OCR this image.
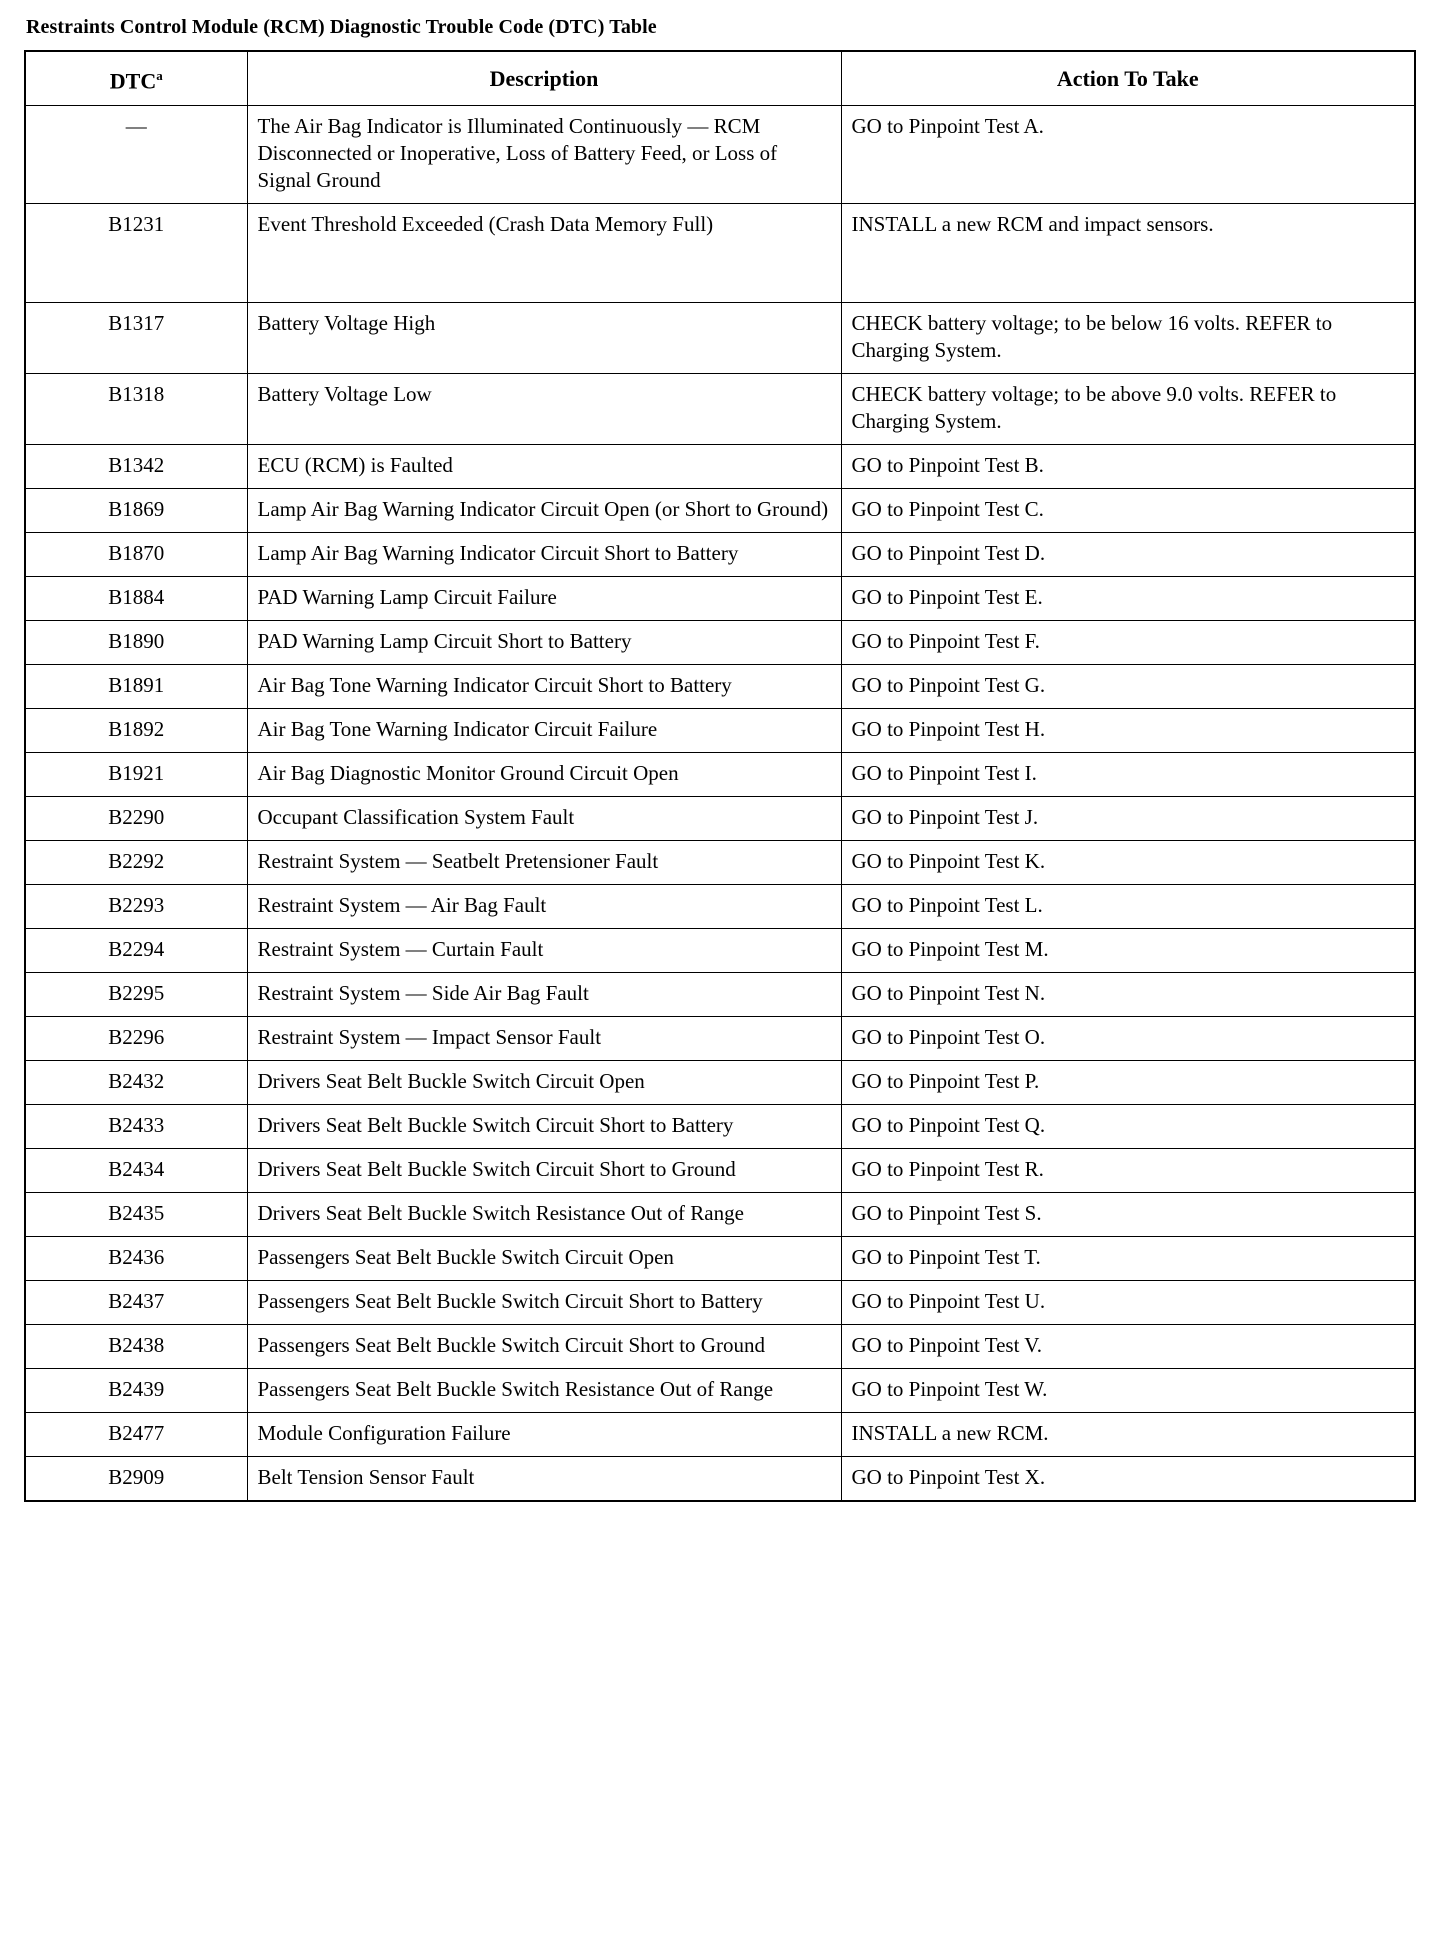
Restraints Control Module (RCM) Diagnostic Trouble Code (DTC) Table
DTC$^a$	Description	Action To Take
—	The Air Bag Indicator is Illuminated Continuously — RCM Disconnected or Inoperative, Loss of Battery Feed, or Loss of Signal Ground	GO to Pinpoint Test A.
B1231	Event Threshold Exceeded (Crash Data Memory Full)	INSTALL a new RCM and impact sensors.
B1317	Battery Voltage High	CHECK battery voltage; to be below 16 volts. REFER to Charging System.
B1318	Battery Voltage Low	CHECK battery voltage; to be above 9.0 volts. REFER to Charging System.
B1342	ECU (RCM) is Faulted	GO to Pinpoint Test B.
B1869	Lamp Air Bag Warning Indicator Circuit Open (or Short to Ground)	GO to Pinpoint Test C.
B1870	Lamp Air Bag Warning Indicator Circuit Short to Battery	GO to Pinpoint Test D.
B1884	PAD Warning Lamp Circuit Failure	GO to Pinpoint Test E.
B1890	PAD Warning Lamp Circuit Short to Battery	GO to Pinpoint Test F.
B1891	Air Bag Tone Warning Indicator Circuit Short to Battery	GO to Pinpoint Test G.
B1892	Air Bag Tone Warning Indicator Circuit Failure	GO to Pinpoint Test H.
B1921	Air Bag Diagnostic Monitor Ground Circuit Open	GO to Pinpoint Test I.
B2290	Occupant Classification System Fault	GO to Pinpoint Test J.
B2292	Restraint System — Seatbelt Pretensioner Fault	GO to Pinpoint Test K.
B2293	Restraint System — Air Bag Fault	GO to Pinpoint Test L.
B2294	Restraint System — Curtain Fault	GO to Pinpoint Test M.
B2295	Restraint System — Side Air Bag Fault	GO to Pinpoint Test N.
B2296	Restraint System — Impact Sensor Fault	GO to Pinpoint Test O.
B2432	Drivers Seat Belt Buckle Switch Circuit Open	GO to Pinpoint Test P.
B2433	Drivers Seat Belt Buckle Switch Circuit Short to Battery	GO to Pinpoint Test Q.
B2434	Drivers Seat Belt Buckle Switch Circuit Short to Ground	GO to Pinpoint Test R.
B2435	Drivers Seat Belt Buckle Switch Resistance Out of Range	GO to Pinpoint Test S.
B2436	Passengers Seat Belt Buckle Switch Circuit Open	GO to Pinpoint Test T.
B2437	Passengers Seat Belt Buckle Switch Circuit Short to Battery	GO to Pinpoint Test U.
B2438	Passengers Seat Belt Buckle Switch Circuit Short to Ground	GO to Pinpoint Test V.
B2439	Passengers Seat Belt Buckle Switch Resistance Out of Range	GO to Pinpoint Test W.
B2477	Module Configuration Failure	INSTALL a new RCM.
B2909	Belt Tension Sensor Fault	GO to Pinpoint Test X.
